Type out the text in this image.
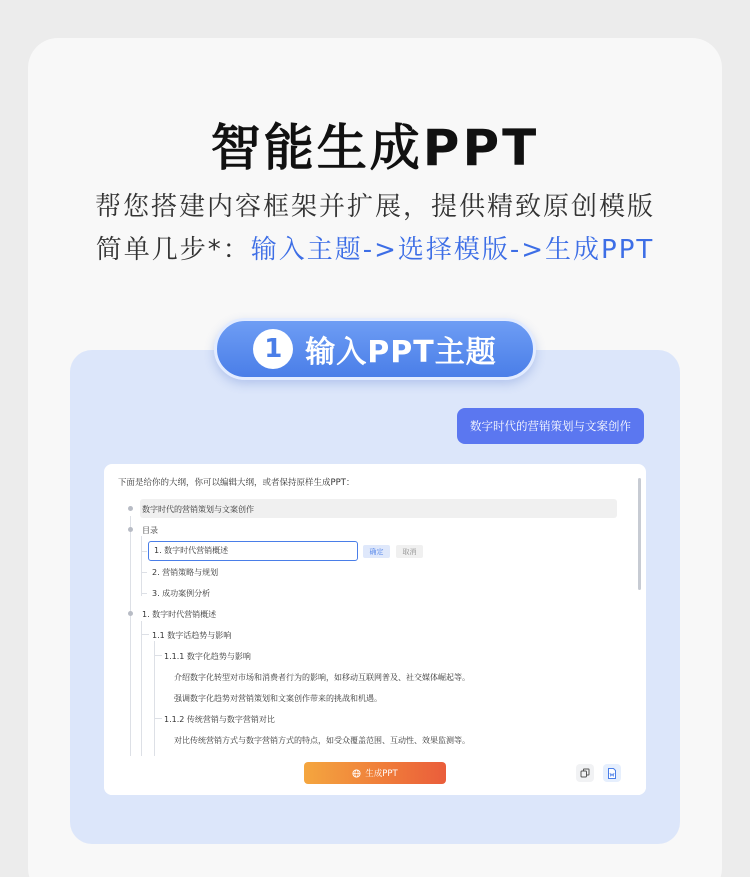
智能生成PPT
帮您搭建内容框架并扩展，提供精致原创模版
简单几步*：输入主题->选择模版->生成PPT
1 输入PPT主题
数字时代的营销策划与文案创作
下面是给你的大纲，你可以编辑大纲，或者保持原样生成PPT：
数字时代的营销策划与文案创作
目录
1. 数字时代营销概述	确定	取消
2. 营销策略与规划
3. 成功案例分析
1. 数字时代营销概述
1.1 数字话趋势与影响
1.1.1 数字化趋势与影响
介绍数字化转型对市场和消费者行为的影响，如移动互联网普及、社交媒体崛起等。
强调数字化趋势对营销策划和文案创作带来的挑战和机遇。
1.1.2 传统营销与数字营销对比
对比传统营销方式与数字营销方式的特点，如受众覆盖范围、互动性、效果监测等。
生成PPT
